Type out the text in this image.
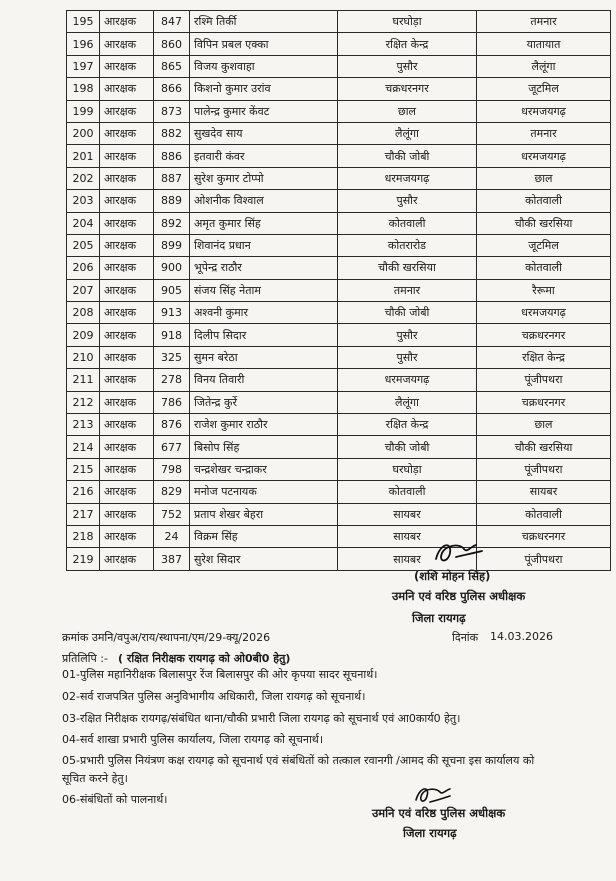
195	आरक्षक	847	रश्मि तिर्की	घरघोड़ा	तमनार
196	आरक्षक	860	विपिन प्रबल एक्का	रक्षित केन्द्र	यातायात
197	आरक्षक	865	विजय कुशवाहा	पुसौर	लैलूंगा
198	आरक्षक	866	किशनो कुमार उरांव	चक्रधरनगर	जूटमिल
199	आरक्षक	873	पालेन्द्र कुमार केंवट	छाल	धरमजयगढ़
200	आरक्षक	882	सुखदेव साय	लैलूंगा	तमनार
201	आरक्षक	886	इतवारी कंवर	चौकी जोबी	धरमजयगढ़
202	आरक्षक	887	सुरेश कुमार टोप्पो	धरमजयगढ़	छाल
203	आरक्षक	889	ओशनीक विश्वाल	पुसौर	कोतवाली
204	आरक्षक	892	अमृत कुमार सिंह	कोतवाली	चौकी खरसिया
205	आरक्षक	899	शिवानंद प्रधान	कोतरारोड	जूटमिल
206	आरक्षक	900	भूपेन्द्र राठौर	चौकी खरसिया	कोतवाली
207	आरक्षक	905	संजय सिंह नेताम	तमनार	रैरूमा
208	आरक्षक	913	अश्वनी कुमार	चौकी जोबी	धरमजयगढ़
209	आरक्षक	918	दिलीप सिदार	पुसौर	चक्रधरनगर
210	आरक्षक	325	सुमन बरेठा	पुसौर	रक्षित केन्द्र
211	आरक्षक	278	विनय तिवारी	धरमजयगढ़	पूंजीपथरा
212	आरक्षक	786	जितेन्द्र कुर्रे	लैलूंगा	चक्रधरनगर
213	आरक्षक	876	राजेश कुमार राठौर	रक्षित केन्द्र	छाल
214	आरक्षक	677	बिसोप सिंह	चौकी जोबी	चौकी खरसिया
215	आरक्षक	798	चन्द्रशेखर चन्द्राकर	घरघोड़ा	पूंजीपथरा
216	आरक्षक	829	मनोज पटनायक	कोतवाली	सायबर
217	आरक्षक	752	प्रताप शेखर बेहरा	सायबर	कोतवाली
218	आरक्षक	24	विक्रम सिंह	सायबर	चक्रधरनगर
219	आरक्षक	387	सुरेश सिदार	सायबर	पूंजीपथरा
(शशि मोहन सिंह)
उमनि एवं वरिष्ठ पुलिस अधीक्षक
जिला रायगढ़
क्रमांक उमनि/वपुअ/राय/स्थापना/एम/29-क्यू/2026	दिनांक 14.03.2026
प्रतिलिपि :- ( रक्षित निरीक्षक रायगढ़ को ओ0बी0 हेतु)
01-पुलिस महानिरीक्षक बिलासपुर रेंज बिलासपुर की ओर कृपया सादर सूचनार्थ।
02-सर्व राजपत्रित पुलिस अनुविभागीय अधिकारी, जिला रायगढ़ को सूचनार्थ।
03-रक्षित निरीक्षक रायगढ़/संबंधित थाना/चौकी प्रभारी जिला रायगढ़ को सूचनार्थ एवं आ0कार्य0 हेतु।
04-सर्व शाखा प्रभारी पुलिस कार्यालय, जिला रायगढ़ को सूचनार्थ।
05-प्रभारी पुलिस नियंत्रण कक्ष रायगढ़ को सूचनार्थ एवं संबंधितों को तत्काल रवानगी /आमद की सूचना इस कार्यालय को
सूचित करने हेतु।
06-संबंधितों को पालनार्थ।
उमनि एवं वरिष्ठ पुलिस अधीक्षक
जिला रायगढ़
